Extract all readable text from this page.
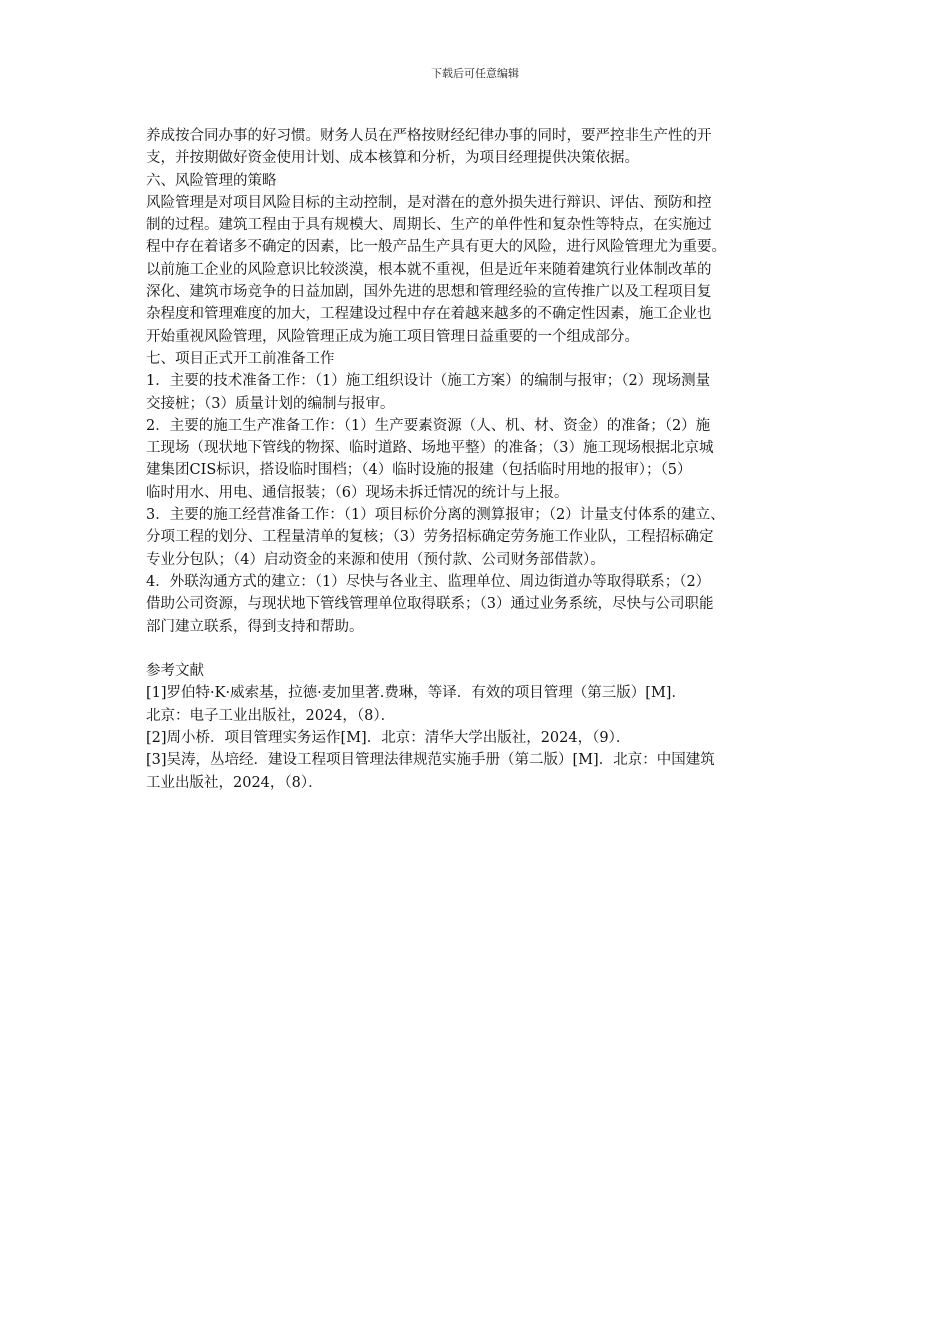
下载后可任意编辑
养成按合同办事的好习惯。财务人员在严格按财经纪律办事的同时，要严控非生产性的开
支，并按期做好资金使用计划、成本核算和分析，为项目经理提供决策依据。
六、风险管理的策略
风险管理是对项目风险目标的主动控制，是对潜在的意外损失进行辩识、评估、预防和控
制的过程。建筑工程由于具有规模大、周期长、生产的单件性和复杂性等特点，在实施过
程中存在着诸多不确定的因素，比一般产品生产具有更大的风险，进行风险管理尤为重要。
以前施工企业的风险意识比较淡漠，根本就不重视，但是近年来随着建筑行业体制改革的
深化、建筑市场竞争的日益加剧，国外先进的思想和管理经验的宣传推广以及工程项目复
杂程度和管理难度的加大，工程建设过程中存在着越来越多的不确定性因素，施工企业也
开始重视风险管理，风险管理正成为施工项目管理日益重要的一个组成部分。
七、项目正式开工前准备工作
1．主要的技术准备工作：（1）施工组织设计（施工方案）的编制与报审；（2）现场测量
交接桩；（3）质量计划的编制与报审。
2．主要的施工生产准备工作：（1）生产要素资源（人、机、材、资金）的准备；（2）施
工现场（现状地下管线的物探、临时道路、场地平整）的准备；（3）施工现场根据北京城
建集团CIS标识，搭设临时围档；（4）临时设施的报建（包括临时用地的报审）；（5）
临时用水、用电、通信报装；（6）现场未拆迁情况的统计与上报。
3．主要的施工经营准备工作：（1）项目标价分离的测算报审；（2）计量支付体系的建立、
分项工程的划分、工程量清单的复核；（3）劳务招标确定劳务施工作业队，工程招标确定
专业分包队；（4）启动资金的来源和使用（预付款、公司财务部借款）。
4．外联沟通方式的建立：（1）尽快与各业主、监理单位、周边街道办等取得联系；（2）
借助公司资源，与现状地下管线管理单位取得联系；（3）通过业务系统，尽快与公司职能
部门建立联系，得到支持和帮助。
参考文献
[1]罗伯特·K·威索基，拉德·麦加里著.费琳，等译．有效的项目管理（第三版）[M]．
北京：电子工业出版社，2024，（8）．
[2]周小桥．项目管理实务运作[M]．北京：清华大学出版社，2024，（9）．
[3]吴涛，丛培经．建设工程项目管理法律规范实施手册（第二版）[M]．北京：中国建筑
工业出版社，2024，（8）．
